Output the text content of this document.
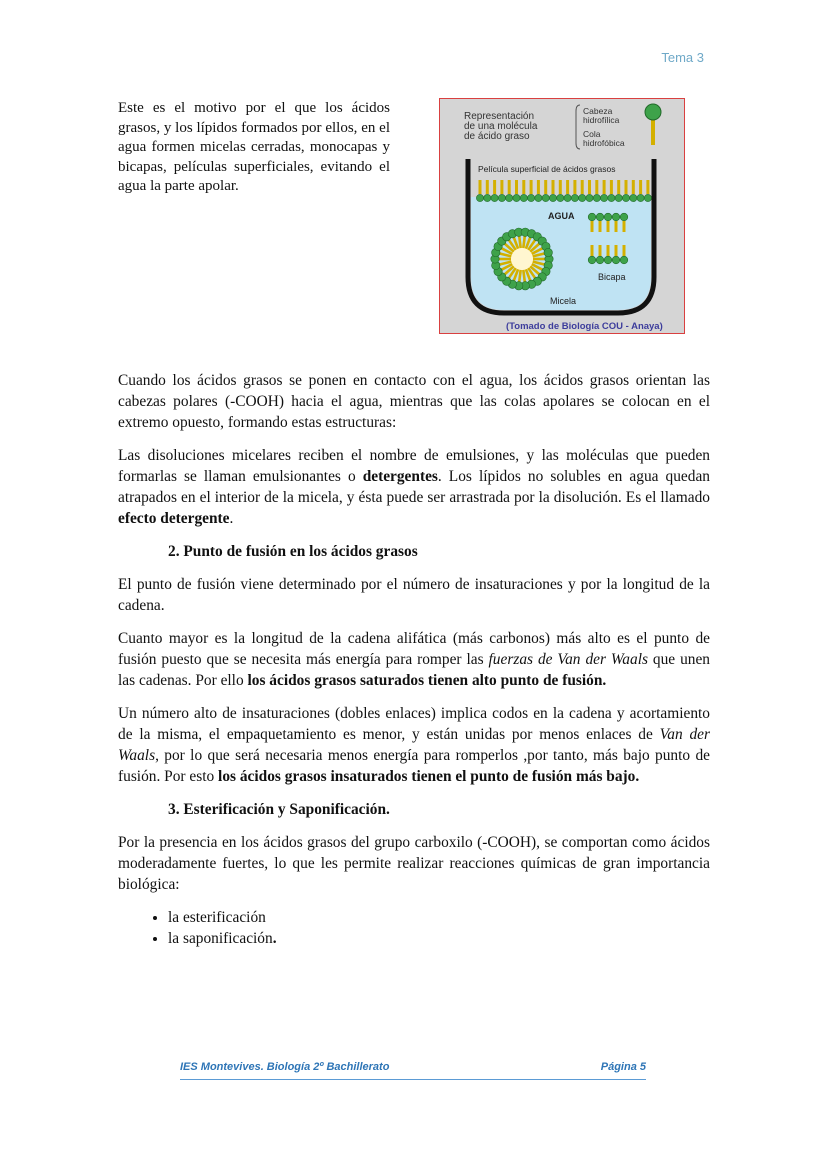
Tema 3
Este es el motivo por el que los ácidos grasos, y los lípidos formados por ellos, en el agua formen micelas cerradas, monocapas y bicapas, películas superficiales, evitando el agua la parte apolar.
Representación
de una molécula
de ácido graso
Cabeza
hidrofílica
Cola
hidrofóbica
Película superficial de ácidos grasos
AGUA
Bicapa
Micela
(Tomado de Biología COU - Anaya)

Cuando los ácidos grasos se ponen en contacto con el agua, los ácidos grasos orientan las cabezas polares (-COOH) hacia el agua, mientras que las colas apolares se colocan en el extremo opuesto, formando estas estructuras:

Las disoluciones micelares reciben el nombre de emulsiones, y las moléculas que pueden formarlas se llaman emulsionantes o detergentes. Los lípidos no solubles en agua quedan atrapados en el interior de la micela, y ésta puede ser arrastrada por la disolución. Es el llamado efecto detergente.

2. Punto de fusión en los ácidos grasos

El punto de fusión viene determinado por el número de insaturaciones y por la longitud de la cadena.

Cuanto mayor es la longitud de la cadena alifática (más carbonos) más alto es el punto de fusión puesto que se necesita más energía para romper las fuerzas de Van der Waals que unen las cadenas. Por ello los ácidos grasos saturados tienen alto punto de fusión.

Un número alto de insaturaciones (dobles enlaces) implica codos en la cadena y acortamiento de la misma, el empaquetamiento es menor, y están unidas por menos enlaces de Van der Waals, por lo que será necesaria menos energía para romperlos ,por tanto, más bajo punto de fusión. Por esto los ácidos grasos insaturados tienen el punto de fusión más bajo.

3. Esterificación y Saponificación.

Por la presencia en los ácidos grasos del grupo carboxilo (-COOH), se comportan como ácidos moderadamente fuertes, lo que les permite realizar reacciones químicas de gran importancia biológica:

• la esterificación
• la saponificación.
IES Montevives. Biología 2º Bachillerato	Página 5
